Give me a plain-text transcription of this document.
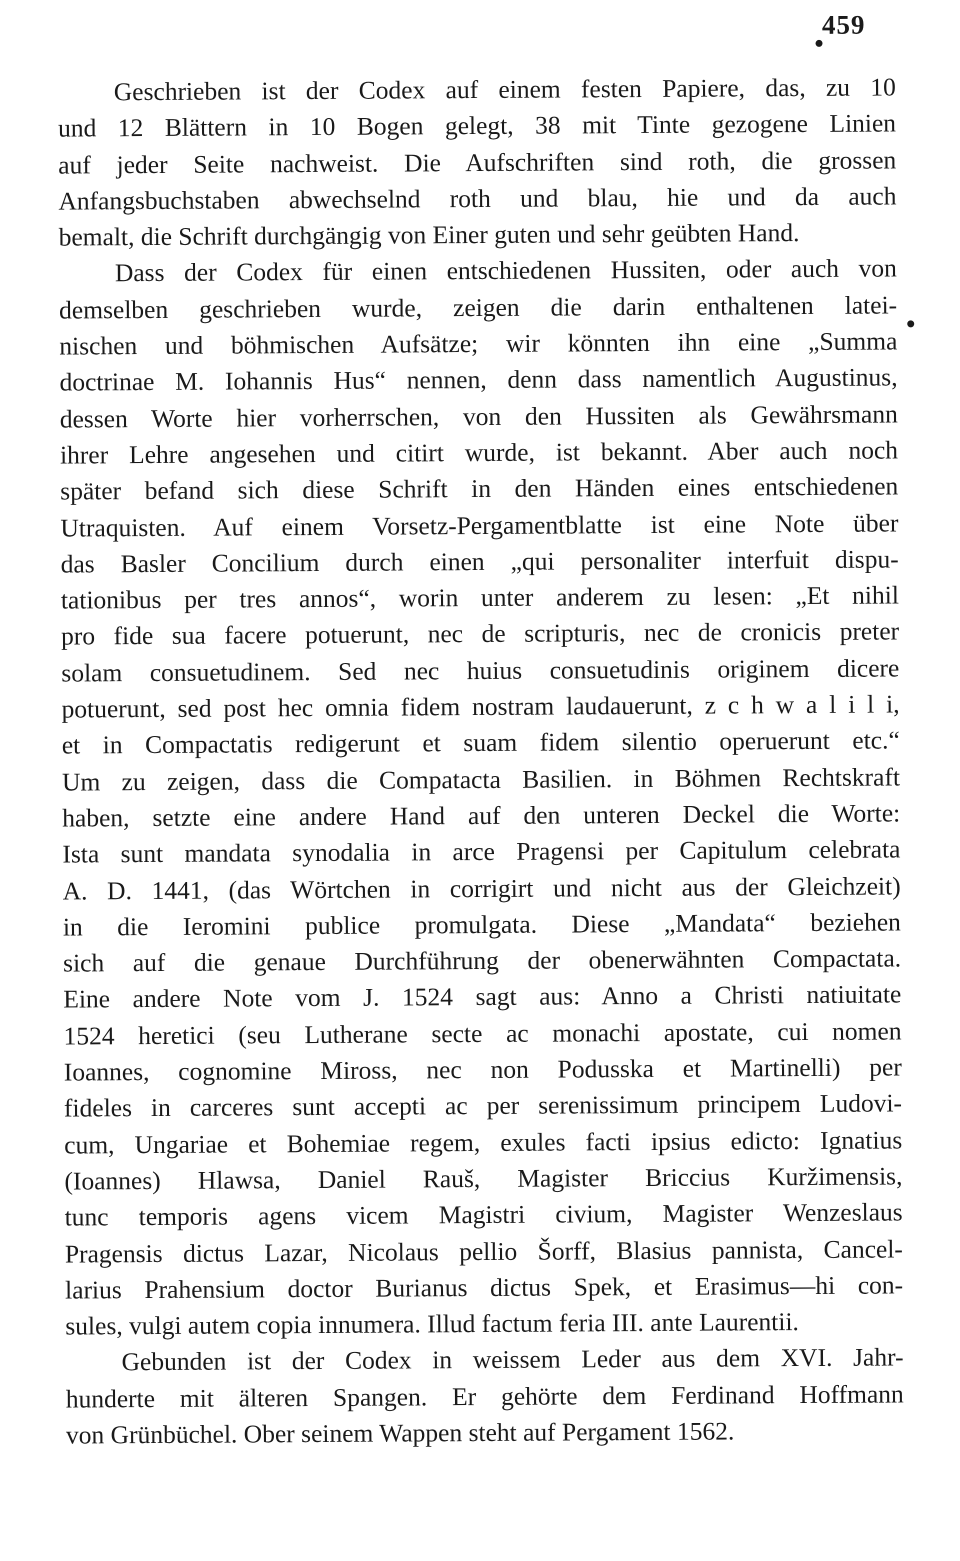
459
Geschrieben ist der Codex auf einem festen Papiere, das, zu 10
und 12 Blättern in 10 Bogen gelegt, 38 mit Tinte gezogene Linien
auf jeder Seite nachweist. Die Aufschriften sind roth, die grossen
Anfangsbuchstaben abwechselnd roth und blau, hie und da auch
bemalt, die Schrift durchgängig von Einer guten und sehr geübten Hand.
Dass der Codex für einen entschiedenen Hussiten, oder auch von
demselben geschrieben wurde, zeigen die darin enthaltenen latei-
nischen und böhmischen Aufsätze; wir könnten ihn eine „Summa
doctrinae M. Iohannis Hus“ nennen, denn dass namentlich Augustinus,
dessen Worte hier vorherrschen, von den Hussiten als Gewährsmann
ihrer Lehre angesehen und citirt wurde, ist bekannt. Aber auch noch
später befand sich diese Schrift in den Händen eines entschiedenen
Utraquisten. Auf einem Vorsetz-Pergamentblatte ist eine Note über
das Basler Concilium durch einen „qui personaliter interfuit dispu-
tationibus per tres annos“, worin unter anderem zu lesen: „Et nihil
pro fide sua facere potuerunt, nec de scripturis, nec de cronicis preter
solam consuetudinem. Sed nec huius consuetudinis originem dicere
potuerunt, sed post hec omnia fidem nostram laudauerunt, z c h w a l i l i,
et in Compactatis redigerunt et suam fidem silentio operuerunt etc.“
Um zu zeigen, dass die Compatacta Basilien. in Böhmen Rechtskraft
haben, setzte eine andere Hand auf den unteren Deckel die Worte:
Ista sunt mandata synodalia in arce Pragensi per Capitulum celebrata
A. D. 1441, (das Wörtchen in corrigirt und nicht aus der Gleichzeit)
in die Ieromini publice promulgata. Diese „Mandata“ beziehen
sich auf die genaue Durchführung der obenerwähnten Compactata.
Eine andere Note vom J. 1524 sagt aus: Anno a Christi natiuitate
1524 heretici (seu Lutherane secte ac monachi apostate, cui nomen
Ioannes, cognomine Miross, nec non Podusska et Martinelli) per
fideles in carceres sunt accepti ac per serenissimum principem Ludovi-
cum, Ungariae et Bohemiae regem, exules facti ipsius edicto: Ignatius
(Ioannes) Hlawsa, Daniel Rauš, Magister Briccius Kuržimensis,
tunc temporis agens vicem Magistri civium, Magister Wenzeslaus
Pragensis dictus Lazar, Nicolaus pellio Šorff, Blasius pannista, Cancel-
larius Prahensium doctor Burianus dictus Spek, et Erasimus—hi con-
sules, vulgi autem copia innumera. Illud factum feria III. ante Laurentii.
Gebunden ist der Codex in weissem Leder aus dem XVI. Jahr-
hunderte mit älteren Spangen. Er gehörte dem Ferdinand Hoffmann
von Grünbüchel. Ober seinem Wappen steht auf Pergament 1562.
